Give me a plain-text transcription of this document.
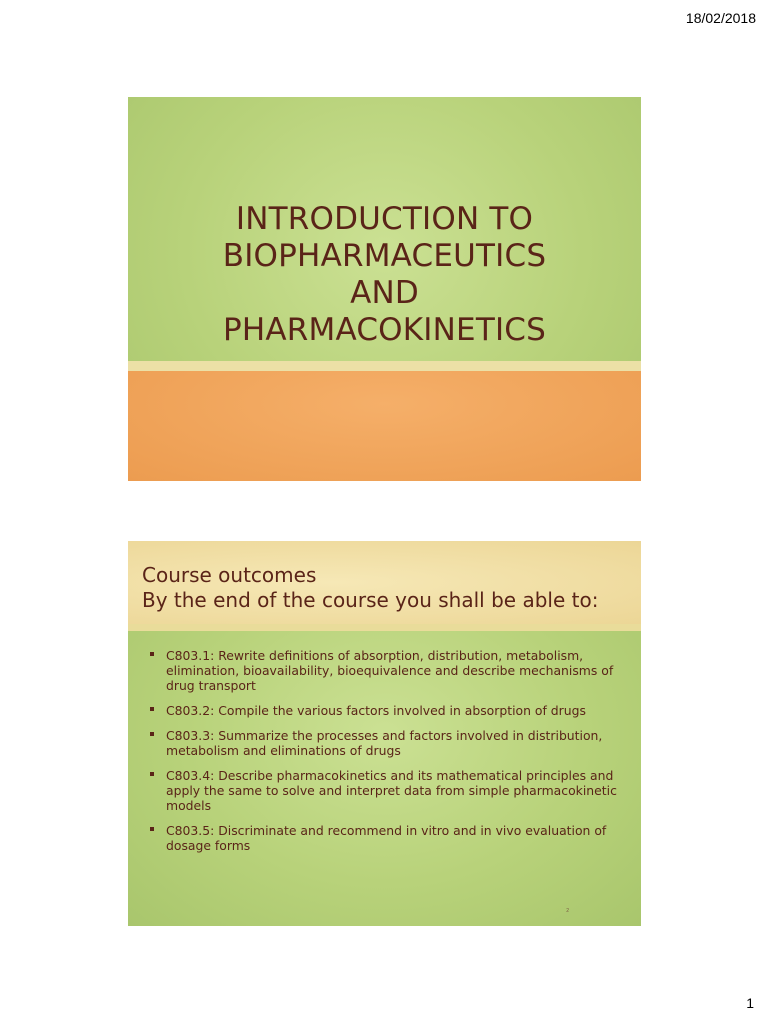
18/02/2018
INTRODUCTION TO
BIOPHARMACEUTICS
AND
PHARMACOKINETICS
Course outcomes
By the end of the course you shall be able to:
C803.1: Rewrite definitions of absorption, distribution, metabolism, elimination, bioavailability, bioequivalence and describe mechanisms of drug transport
C803.2: Compile the various factors involved in absorption of drugs
C803.3: Summarize the processes and factors involved in distribution, metabolism and eliminations of drugs
C803.4: Describe pharmacokinetics and its mathematical principles and apply the same to solve and interpret data from simple pharmacokinetic models
C803.5: Discriminate and recommend in vitro and in vivo evaluation of dosage forms
2
1
